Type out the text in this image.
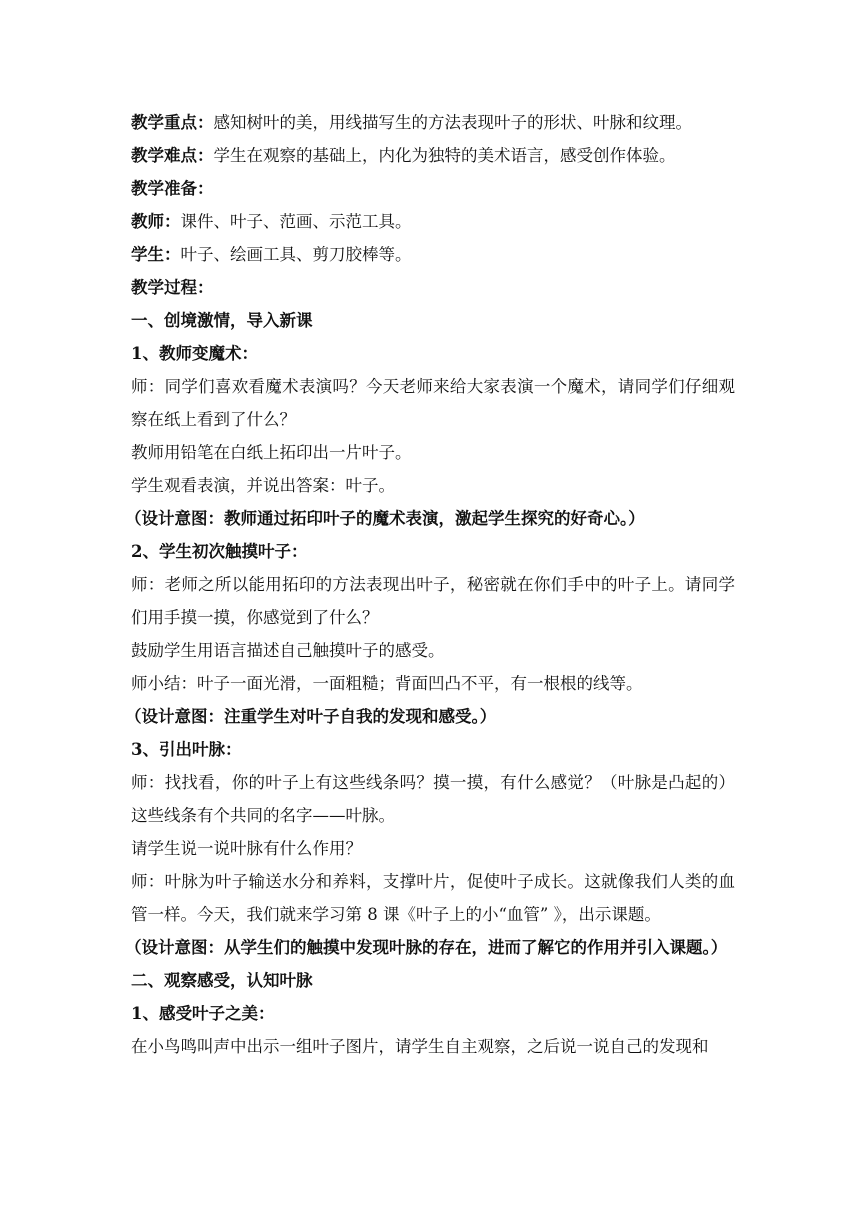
教学重点：感知树叶的美，用线描写生的方法表现叶子的形状、叶脉和纹理。

教学难点：学生在观察的基础上，内化为独特的美术语言，感受创作体验。

教学准备：

教师：课件、叶子、范画、示范工具。

学生：叶子、绘画工具、剪刀胶棒等。

教学过程：

一、创境激情，导入新课

1、教师变魔术：

师：同学们喜欢看魔术表演吗？今天老师来给大家表演一个魔术，请同学们仔细观察在纸上看到了什么？

教师用铅笔在白纸上拓印出一片叶子。

学生观看表演，并说出答案：叶子。

（设计意图：教师通过拓印叶子的魔术表演，激起学生探究的好奇心。）

2、学生初次触摸叶子：

师：老师之所以能用拓印的方法表现出叶子，秘密就在你们手中的叶子上。请同学们用手摸一摸，你感觉到了什么？

鼓励学生用语言描述自己触摸叶子的感受。

师小结：叶子一面光滑，一面粗糙；背面凹凸不平，有一根根的线等。

（设计意图：注重学生对叶子自我的发现和感受。）

3、引出叶脉：

师：找找看，你的叶子上有这些线条吗？摸一摸，有什么感觉？（叶脉是凸起的）这些线条有个共同的名字——叶脉。

请学生说一说叶脉有什么作用？

师：叶脉为叶子输送水分和养料，支撑叶片，促使叶子成长。这就像我们人类的血管一样。今天，我们就来学习第 8 课《叶子上的小“血管” 》，出示课题。

（设计意图：从学生们的触摸中发现叶脉的存在，进而了解它的作用并引入课题。）

二、观察感受，认知叶脉

1、感受叶子之美：

在小鸟鸣叫声中出示一组叶子图片，请学生自主观察，之后说一说自己的发现和
